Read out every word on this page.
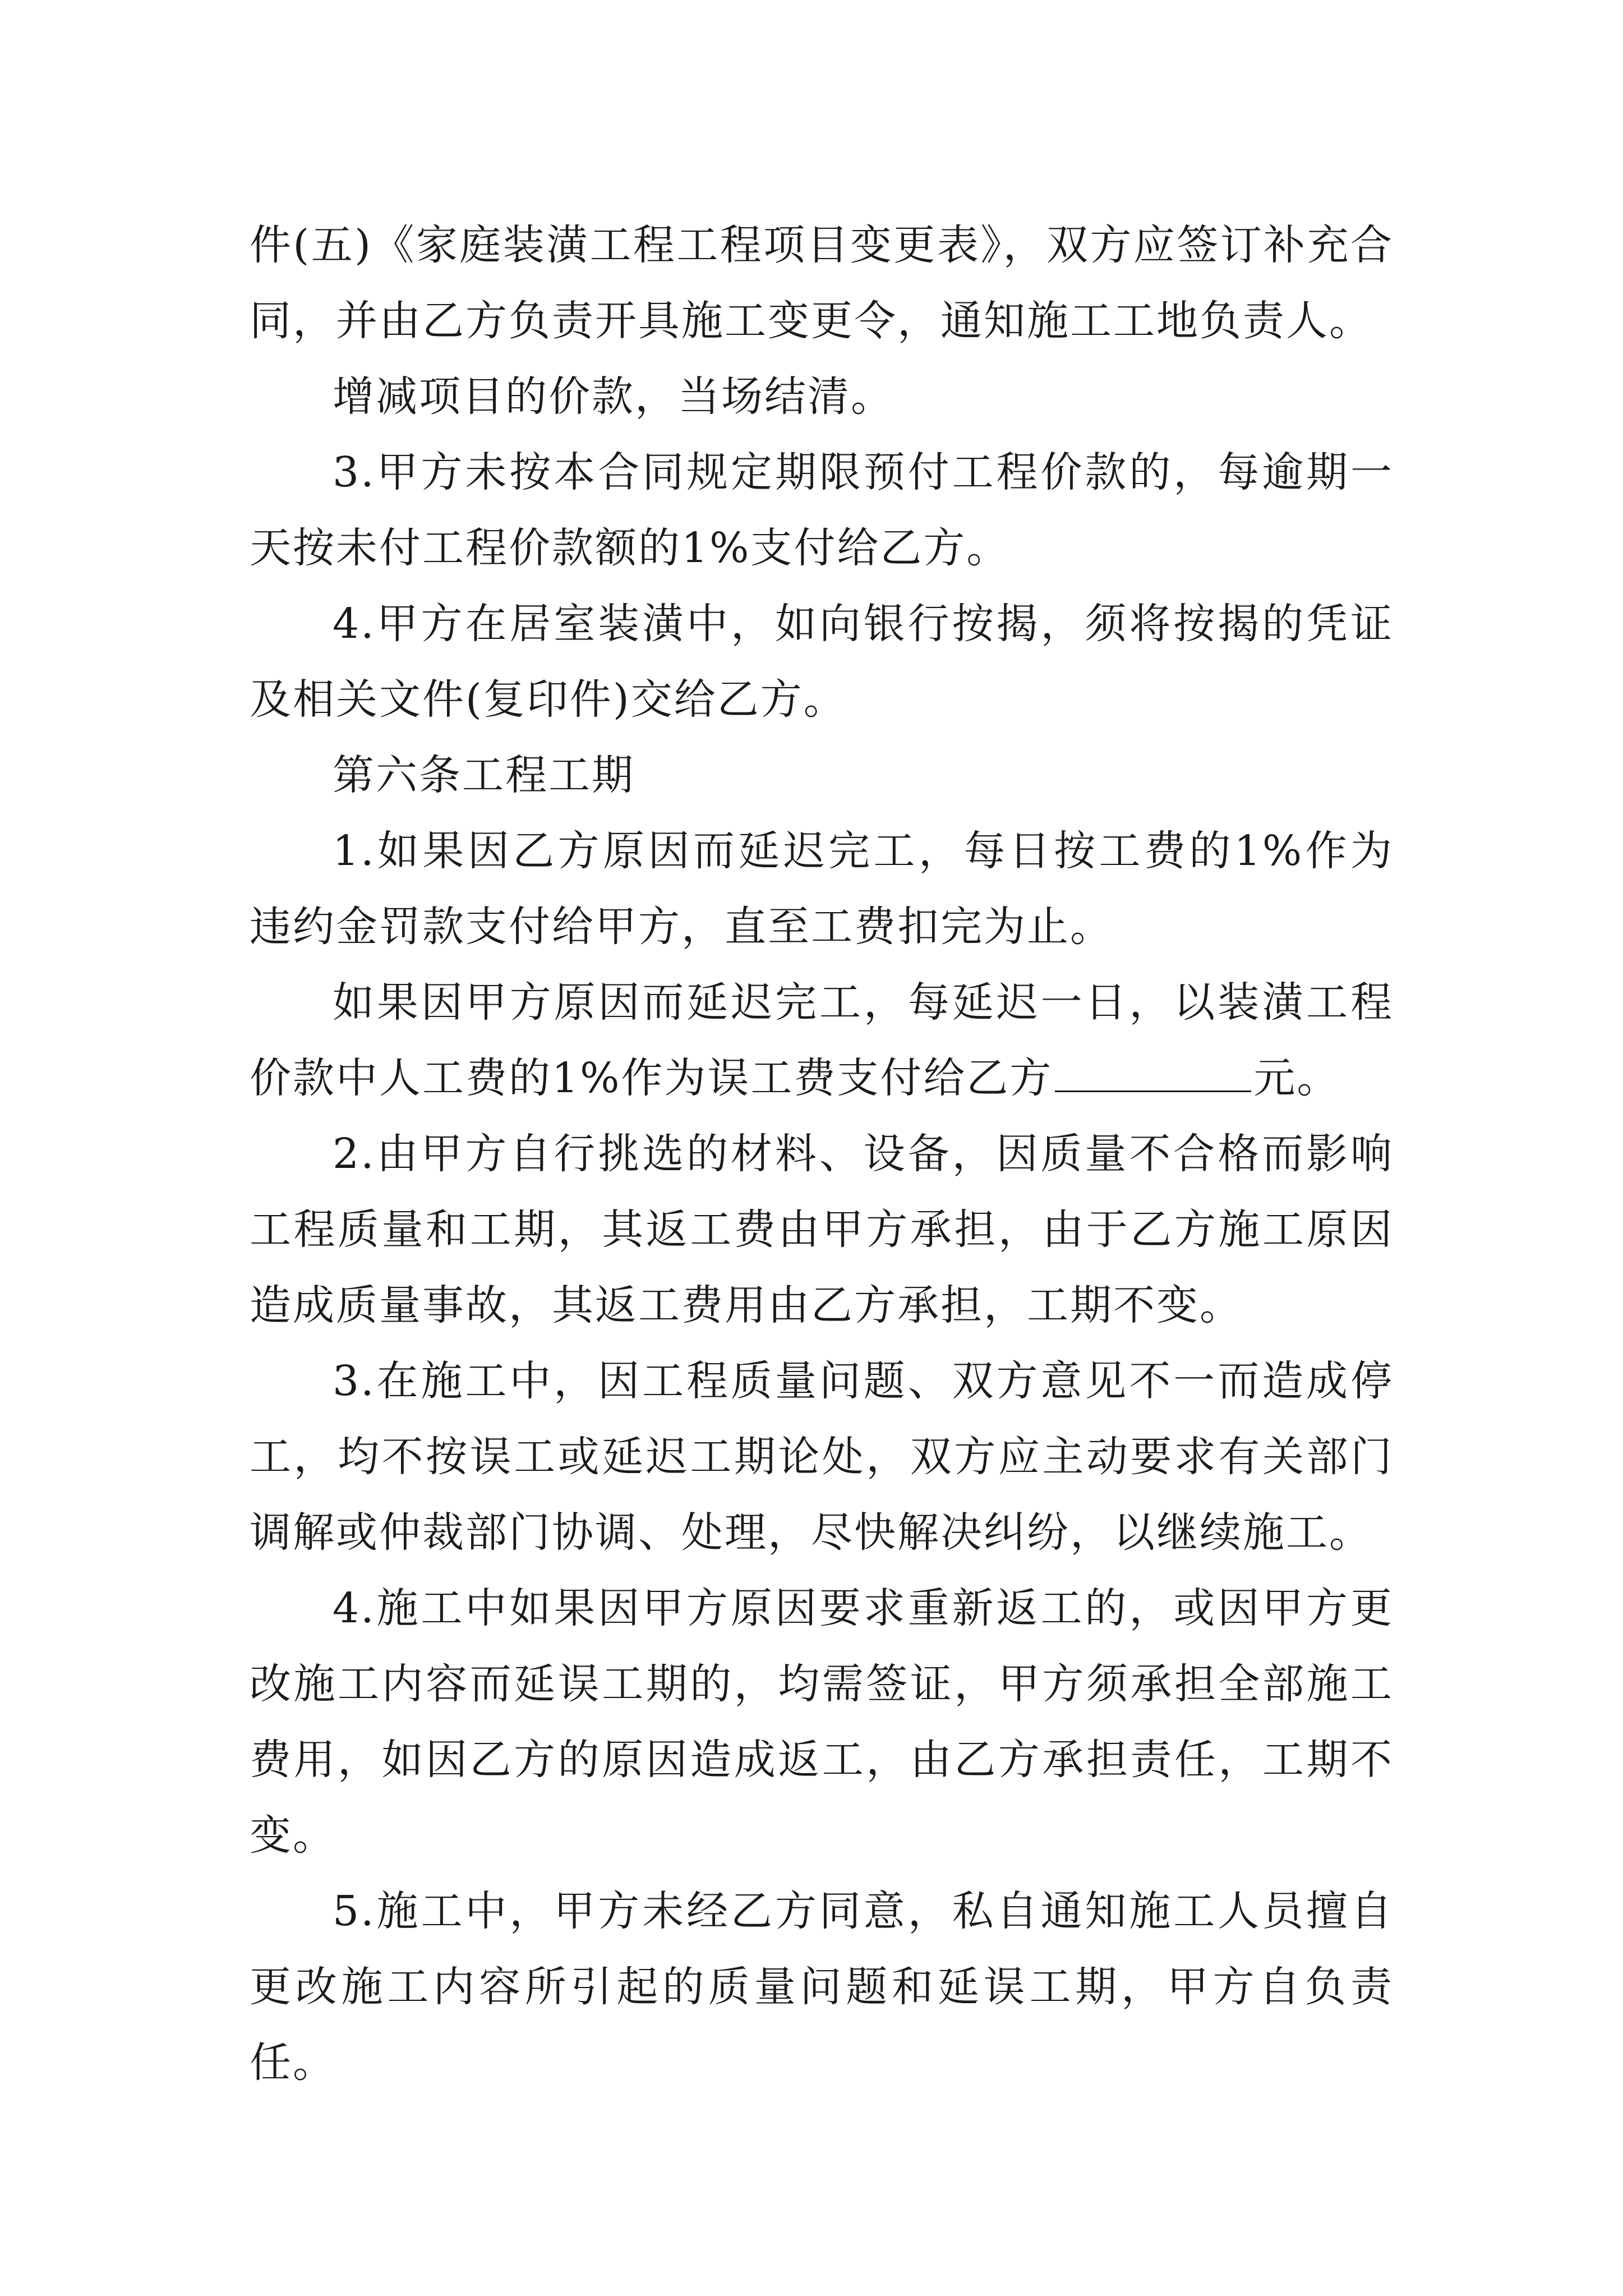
件(五)《家庭装潢工程工程项目变更表》，双方应签订补充合同，并由乙方负责开具施工变更令，通知施工工地负责人。

增减项目的价款，当场结清。

3.甲方未按本合同规定期限预付工程价款的，每逾期一天按未付工程价款额的1%支付给乙方。

4.甲方在居室装潢中，如向银行按揭，须将按揭的凭证及相关文件(复印件)交给乙方。

第六条工程工期

1.如果因乙方原因而延迟完工，每日按工费的1%作为违约金罚款支付给甲方，直至工费扣完为止。

如果因甲方原因而延迟完工，每延迟一日，以装潢工程价款中人工费的1%作为误工费支付给乙方	元。

2.由甲方自行挑选的材料、设备，因质量不合格而影响工程质量和工期，其返工费由甲方承担，由于乙方施工原因造成质量事故，其返工费用由乙方承担，工期不变。

3.在施工中，因工程质量问题、双方意见不一而造成停工，均不按误工或延迟工期论处，双方应主动要求有关部门调解或仲裁部门协调、处理，尽快解决纠纷，以继续施工。

4.施工中如果因甲方原因要求重新返工的，或因甲方更改施工内容而延误工期的，均需签证，甲方须承担全部施工费用，如因乙方的原因造成返工，由乙方承担责任，工期不变。

5.施工中，甲方未经乙方同意，私自通知施工人员擅自更改施工内容所引起的质量问题和延误工期，甲方自负责任。
